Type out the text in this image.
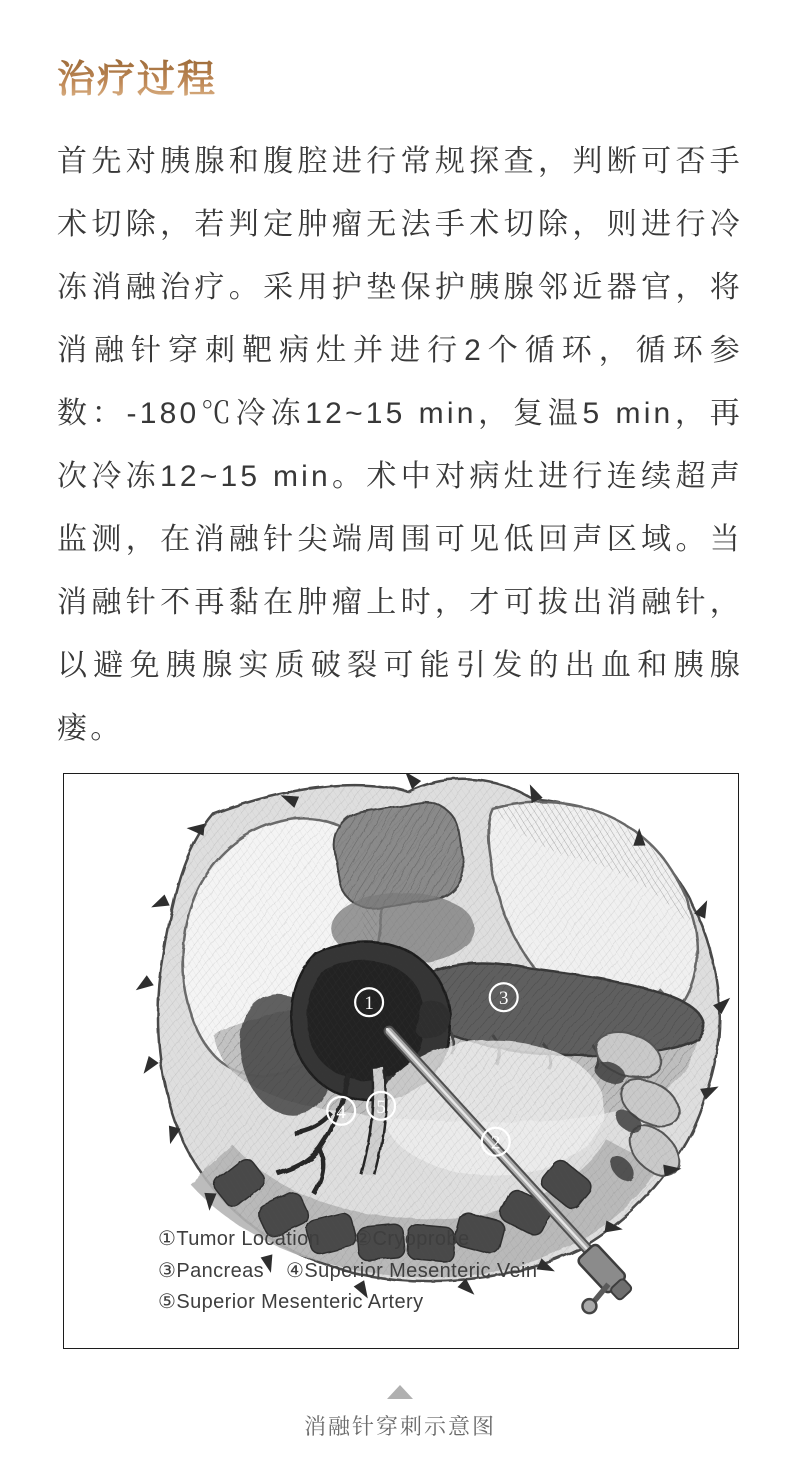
治疗过程

首先对胰腺和腹腔进行常规探查，判断可否手术切除，若判定肿瘤无法手术切除，则进行冷冻消融治疗。采用护垫保护胰腺邻近器官，将消融针穿刺靶病灶并进行2个循环，循环参数：-180℃冷冻12~15 min，复温5 min，再次冷冻12~15 min。术中对病灶进行连续超声监测，在消融针尖端周围可见低回声区域。当消融针不再黏在肿瘤上时，才可拔出消融针，以避免胰腺实质破裂可能引发的出血和胰腺瘘。

1
2
3
4 5
①Tumor Location ②Cryoprobe
③Pancreas ④Superior Mesenteric Vein
⑤Superior Mesenteric Artery
消融针穿刺示意图
